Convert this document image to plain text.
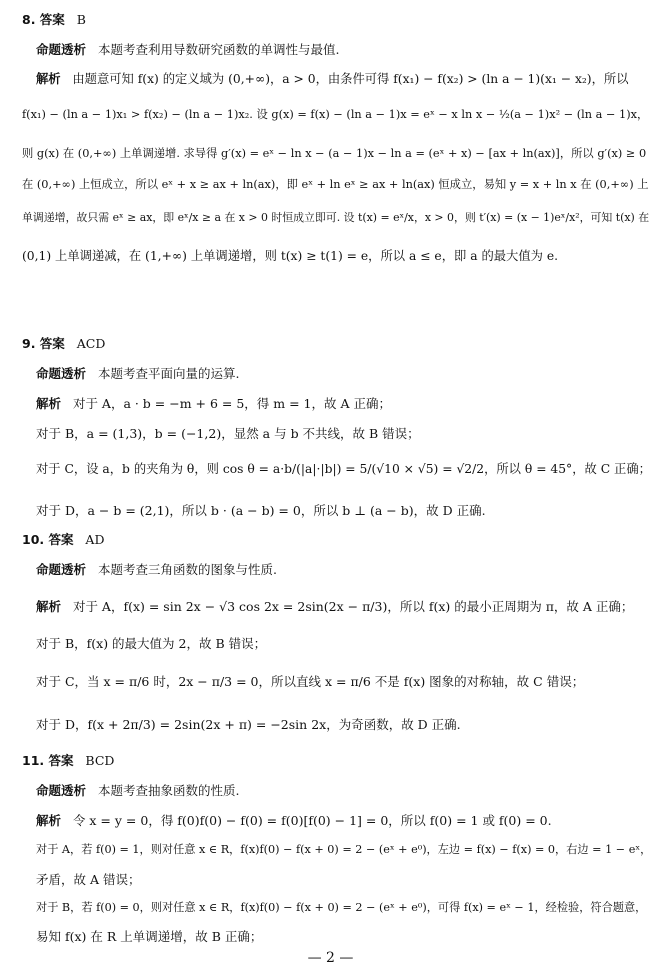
8. 答案 B
命题透析 本题考查利用导数研究函数的单调性与最值.
解析 由题意可知 f(x) 的定义域为 (0,+∞)，a > 0，由条件可得 f(x₁) − f(x₂) > (ln a − 1)(x₁ − x₂)，所以
f(x₁) − (ln a − 1)x₁ > f(x₂) − (ln a − 1)x₂. 设 g(x) = f(x) − (ln a − 1)x = eˣ − x ln x − ½(a − 1)x² − (ln a − 1)x，
则 g(x) 在 (0,+∞) 上单调递增. 求导得 g′(x) = eˣ − ln x − (a − 1)x − ln a = (eˣ + x) − [ax + ln(ax)]，所以 g′(x) ≥ 0
在 (0,+∞) 上恒成立，所以 eˣ + x ≥ ax + ln(ax)，即 eˣ + ln eˣ ≥ ax + ln(ax) 恒成立，易知 y = x + ln x 在 (0,+∞) 上
单调递增，故只需 eˣ ≥ ax，即 eˣ/x ≥ a 在 x > 0 时恒成立即可. 设 t(x) = eˣ/x，x > 0，则 t′(x) = (x − 1)eˣ/x²，可知 t(x) 在
(0,1) 上单调递减，在 (1,+∞) 上单调递增，则 t(x) ≥ t(1) = e，所以 a ≤ e，即 a 的最大值为 e.
9. 答案 ACD
命题透析 本题考查平面向量的运算.
解析 对于 A，a · b = −m + 6 = 5，得 m = 1，故 A 正确；
对于 B，a = (1,3)，b = (−1,2)，显然 a 与 b 不共线，故 B 错误；
对于 C，设 a，b 的夹角为 θ，则 cos θ = a·b/(|a|·|b|) = 5/(√10 × √5) = √2/2，所以 θ = 45°，故 C 正确；
对于 D，a − b = (2,1)，所以 b · (a − b) = 0，所以 b ⊥ (a − b)，故 D 正确.
10. 答案 AD
命题透析 本题考查三角函数的图象与性质.
解析 对于 A，f(x) = sin 2x − √3 cos 2x = 2sin(2x − π/3)，所以 f(x) 的最小正周期为 π，故 A 正确；
对于 B，f(x) 的最大值为 2，故 B 错误；
对于 C，当 x = π/6 时，2x − π/3 = 0，所以直线 x = π/6 不是 f(x) 图象的对称轴，故 C 错误；
对于 D，f(x + 2π/3) = 2sin(2x + π) = −2sin 2x，为奇函数，故 D 正确.
11. 答案 BCD
命题透析 本题考查抽象函数的性质.
解析 令 x = y = 0，得 f(0)f(0) − f(0) = f(0)[f(0) − 1] = 0，所以 f(0) = 1 或 f(0) = 0.
对于 A，若 f(0) = 1，则对任意 x ∈ R，f(x)f(0) − f(x + 0) = 2 − (eˣ + e⁰)，左边 = f(x) − f(x) = 0，右边 = 1 − eˣ，
矛盾，故 A 错误；
对于 B，若 f(0) = 0，则对任意 x ∈ R，f(x)f(0) − f(x + 0) = 2 − (eˣ + e⁰)，可得 f(x) = eˣ − 1，经检验，符合题意，
易知 f(x) 在 R 上单调递增，故 B 正确；
— 2 —
